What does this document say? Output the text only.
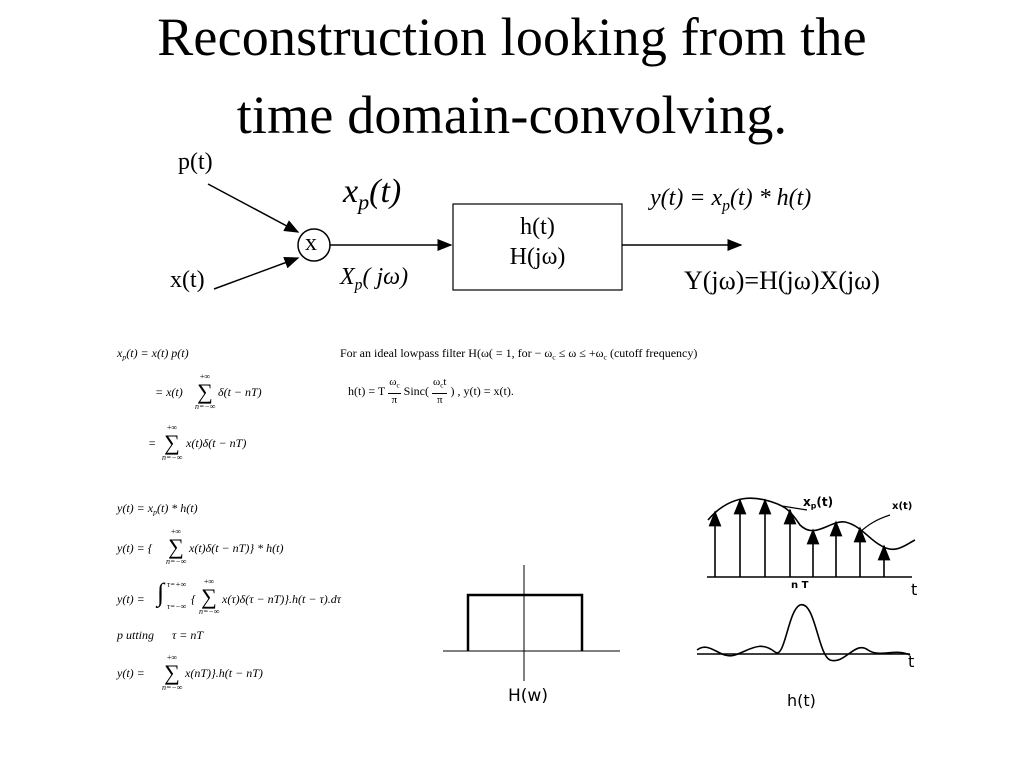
Reconstruction looking from the
time domain-convolving.
p(t)
x(t)
x
$x_p(t)$
$X_p$( jω)
h(t)
H(jω)
$y(t) = x_p(t) * h(t)$
Y(jω)=H(jω)X(jω)
$x_p(t) = x(t)$ p(t)
= x(t)
+∞
∑
n=−∞
δ(t − nT)
=
+∞
∑
n=−∞
x(t)δ(t − nT)
For an ideal lowpass filter H(ω( = 1, for − $\omega_c \le \omega \le +\omega_c$ (cutoff frequency)
h(t) = T
$\omega_c$
π
Sinc(
$\omega_ct$
π
) , y(t) = x(t).
$y(t) = x_p(t) * h(t)$
y(t) = {
+∞
∑
n=−∞
x(t)δ(t − nT)} * h(t)
y(t) = ∫ τ=+∞
τ=−∞
{
+∞
∑
n=−∞
x(τ)δ(τ − nT)}.h(t − τ).dτ
p utting τ = nT
y(t) =
+∞
∑
n=−∞
x(nT)}.h(t − nT)
H(w)	h(t)
$x_p(t)$	x(t)
t
n T
t
